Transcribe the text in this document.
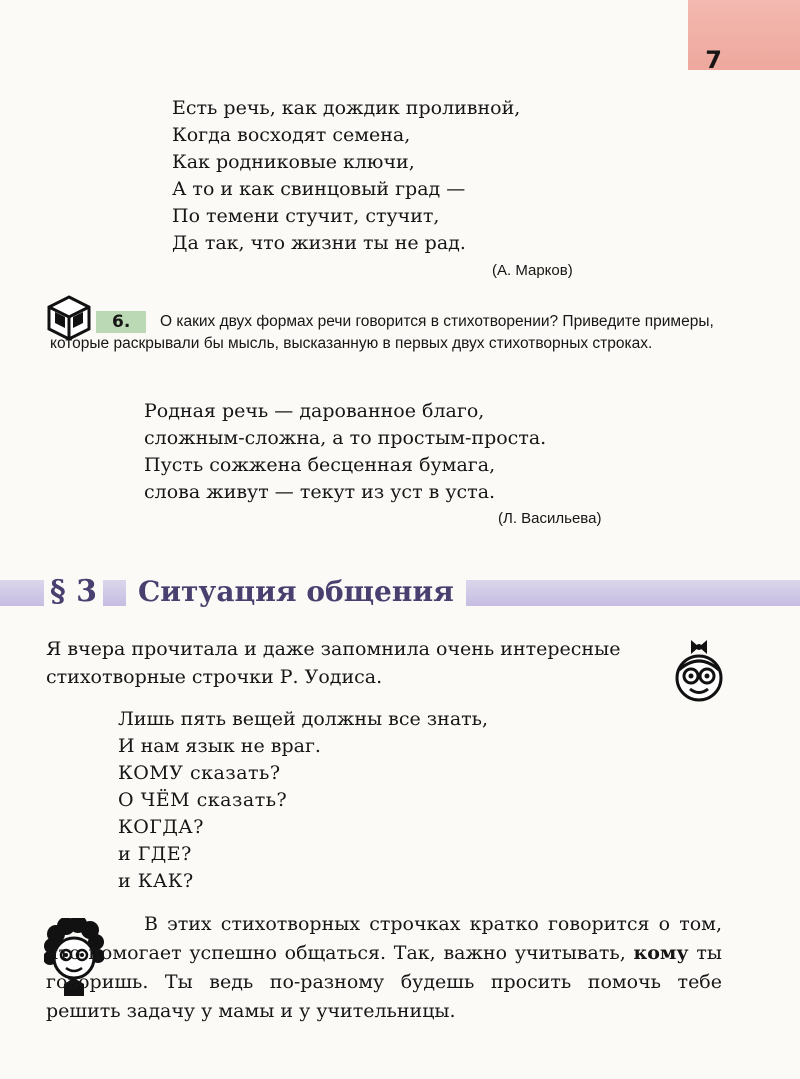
7
Есть речь, как дождик проливной,
Когда восходят семена,
Как родниковые ключи,
А то и как свинцовый град —
По темени стучит, стучит,
Да так, что жизни ты не рад.
(А. Марков)
6.	О каких двух формах речи говорится в стихотворении? Приведите примеры, которые раскрывали бы мысль, высказанную в первых двух стихотворных строках.
Родная речь — дарованное благо,
сложным-сложна, а то простым-проста.
Пусть сожжена бесценная бумага,
слова живут — текут из уст в уста.
(Л. Васильева)
§ 3	Ситуация общения
Я вчера прочитала и даже запомнила очень интересные стихотворные строчки Р. Уодиса.
Лишь пять вещей должны все знать,
И нам язык не враг.
КОМУ сказать?
О ЧЁМ сказать?
КОГДА?
и ГДЕ?
и КАК?
В этих стихотворных строчках кратко говорится о том, что помогает успешно общаться. Так, важно учитывать, кому ты говоришь. Ты ведь по-разному будешь просить помочь тебе решить задачу у мамы и у учительницы.
